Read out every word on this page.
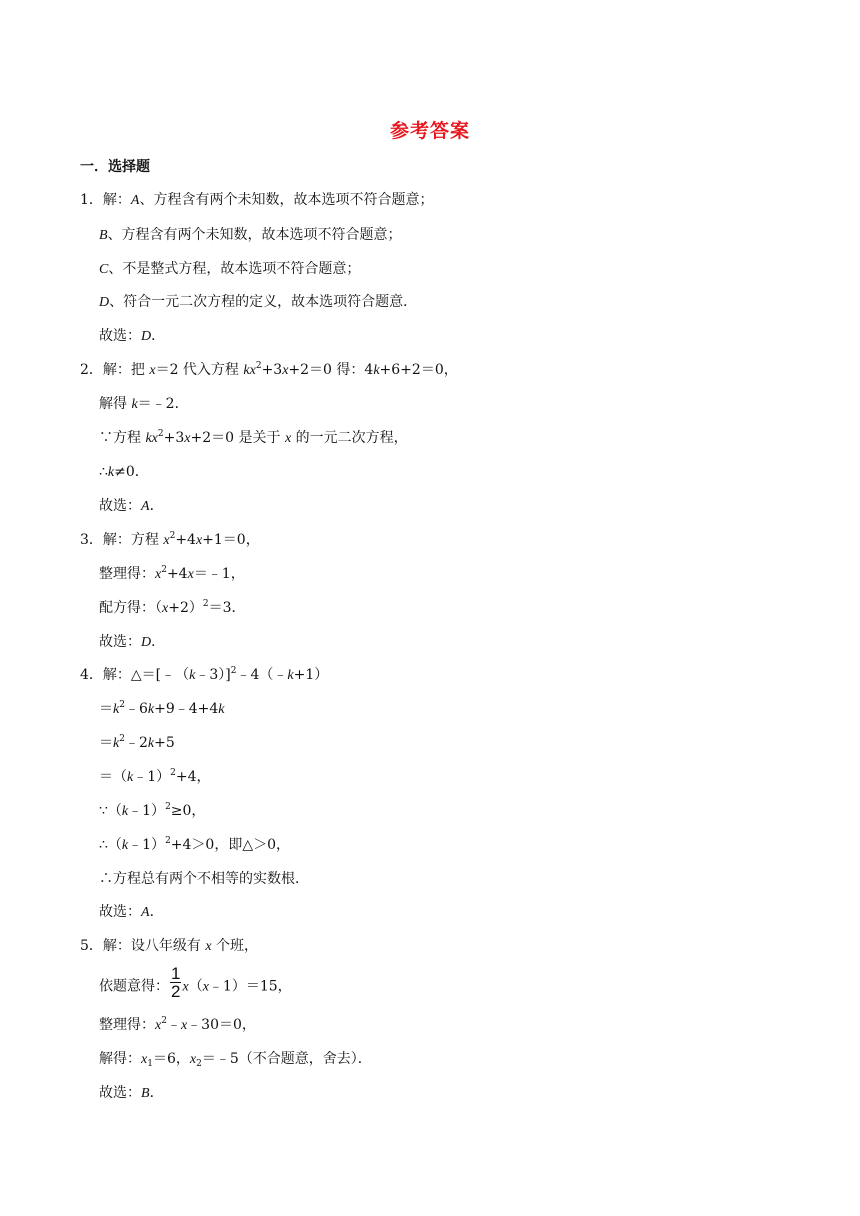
参考答案
一．选择题
1．解：A、方程含有两个未知数，故本选项不符合题意；
B、方程含有两个未知数，故本选项不符合题意；
C、不是整式方程，故本选项不符合题意；
D、符合一元二次方程的定义，故本选项符合题意．
故选：D．
2．解：把 x＝2 代入方程 $kx^2+3x+2=0$ 得：4k+6+2＝0，
解得 k＝﹣2．
∵方程 $kx^2+3x+2=0$ 是关于 x 的一元二次方程，
∴k≠0．
故选：A．
3．解：方程 $x^2+4x+1=0$，
整理得：$x^2+4x=﹣1$，
配方得：$(x+2)^2=3$．
故选：D．
4．解：△＝[﹣（k﹣3）]$^2$﹣4（﹣k+1）
$=k^2﹣6k+9﹣4+4k$
$=k^2﹣2k+5$
＝（k﹣1）$^2$+4，
∵（k﹣1）$^2$≥0，
∴（k﹣1）$^2$+4＞0，即△＞0，
∴方程总有两个不相等的实数根．
故选：A．
5．解：设八年级有 x 个班，
依题意得： $\frac{1}{2}$ x（x﹣1）＝15，
整理得：$x^2﹣x﹣30=0$，
解得：$x_1=6$，$x_2=﹣5$（不合题意，舍去）．
故选：B．
